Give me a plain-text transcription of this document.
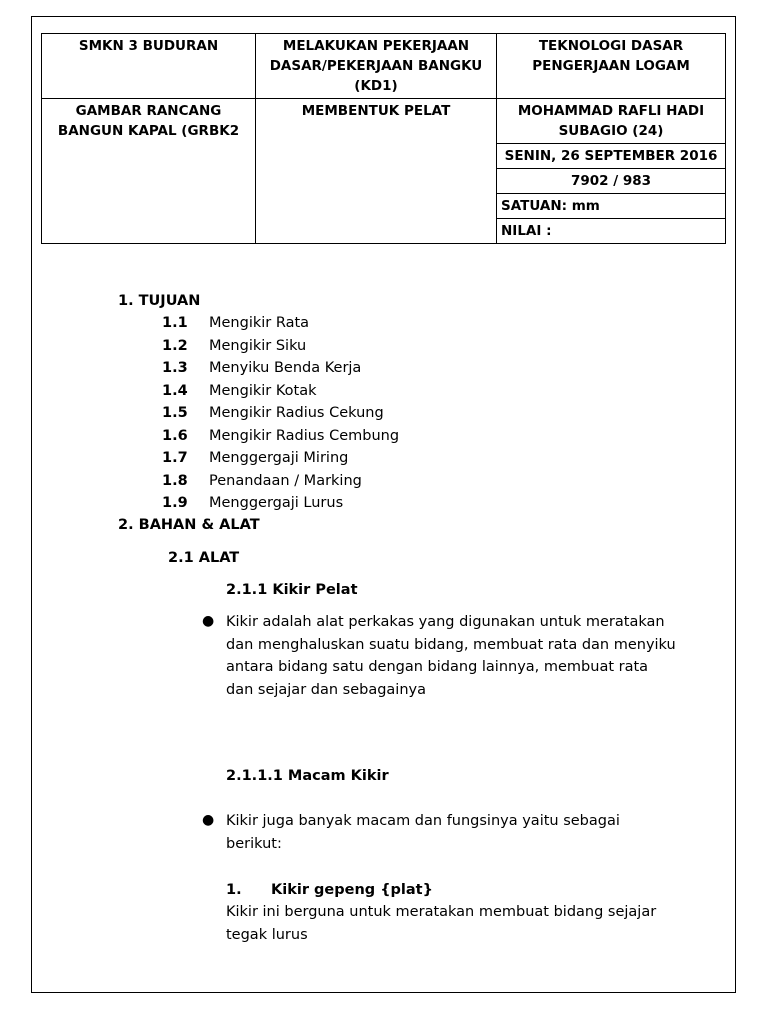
SMKN 3 BUDURAN	MELAKUKAN PEKERJAAN DASAR/PEKERJAAN BANGKU (KD1)	TEKNOLOGI DASAR PENGERJAAN LOGAM
GAMBAR RANCANG BANGUN KAPAL (GRBK2	MEMBENTUK PELAT	MOHAMMAD RAFLI HADI SUBAGIO (24)
		SENIN, 26 SEPTEMBER 2016
		7902 / 983
		SATUAN: mm
		NILAI :
1. TUJUAN
1.1 Mengikir Rata
1.2 Mengikir Siku
1.3 Menyiku Benda Kerja
1.4 Mengikir Kotak
1.5 Mengikir Radius Cekung
1.6 Mengikir Radius Cembung
1.7 Menggergaji Miring
1.8 Penandaan / Marking
1.9 Menggergaji Lurus
2. BAHAN & ALAT
2.1 ALAT
2.1.1 Kikir Pelat
● Kikir adalah alat perkakas yang digunakan untuk meratakan dan menghaluskan suatu bidang, membuat rata dan menyiku antara bidang satu dengan bidang lainnya, membuat rata dan sejajar dan sebagainya
2.1.1.1 Macam Kikir
● Kikir juga banyak macam dan fungsinya yaitu sebagai berikut:
1. Kikir gepeng {plat}
Kikir ini berguna untuk meratakan membuat bidang sejajar tegak lurus
